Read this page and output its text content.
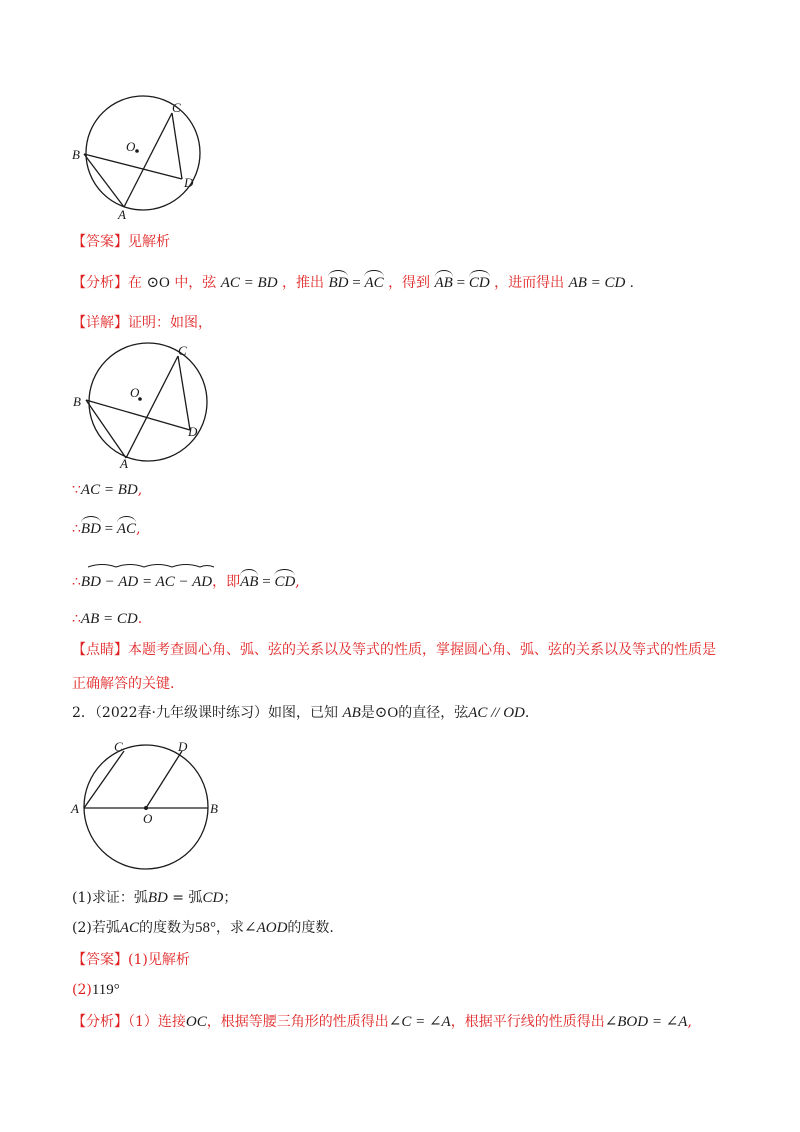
O
B
C
D
A
【答案】见解析
【分析】在 ⊙O 中，弦 AC = BD ，推出 BD = AC ，得到 AB = CD ，进而得出 AB = CD .
【详解】证明：如图，
O
B
C
D
A
∵AC = BD,
∴BD = AC,
∴BD − AD = AC − AD，即AB = CD,
∴AB = CD.
【点睛】本题考查圆心角、弧、弦的关系以及等式的性质，掌握圆心角、弧、弦的关系以及等式的性质是
正确解答的关键.
2．（2022春·九年级课时练习）如图，已知 AB是⊙O的直径，弦AC // OD.
C	D
A	B
O
(1)求证：弧BD = 弧CD；
(2)若弧AC的度数为58°，求∠AOD的度数.
【答案】(1)见解析
(2)119°
【分析】（1）连接OC，根据等腰三角形的性质得出∠C = ∠A，根据平行线的性质得出∠BOD = ∠A,
